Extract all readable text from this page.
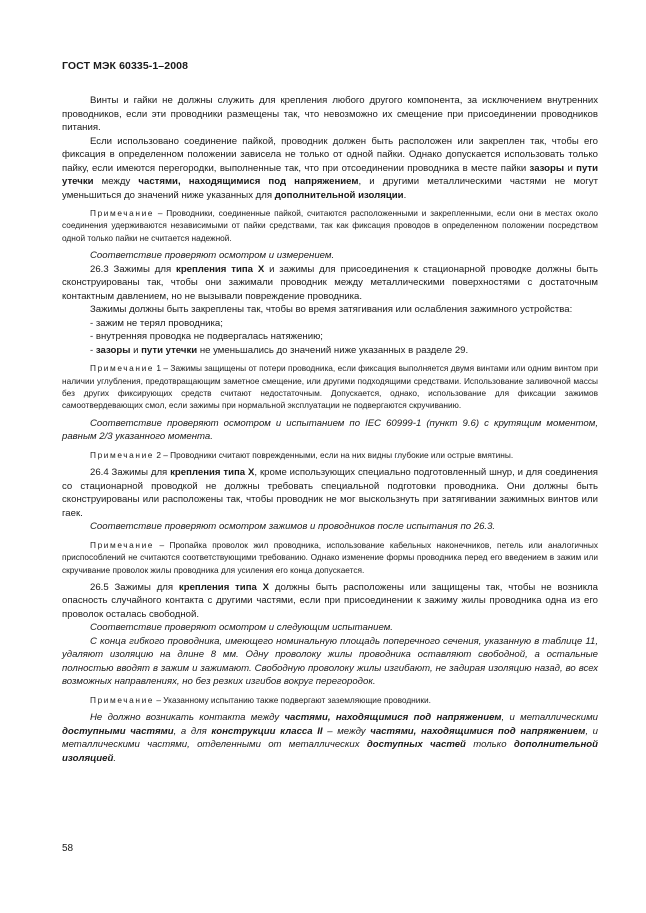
ГОСТ МЭК 60335-1–2008

Винты и гайки не должны служить для крепления любого другого компонента, за исключением внутренних проводников, если эти проводники размещены так, что невозможно их смещение при присоединении проводников питания.

Если использовано соединение пайкой, проводник должен быть расположен или закреплен так, чтобы его фиксация в определенном положении зависела не только от одной пайки. Однако допускается использовать только пайку, если имеются перегородки, выполненные так, что при отсоединении проводника в месте пайки зазоры и пути утечки между частями, находящимися под напряжением, и другими металлическими частями не могут уменьшиться до значений ниже указанных для дополнительной изоляции.

Примечание – Проводники, соединенные пайкой, считаются расположенными и закрепленными, если они в местах около соединения удерживаются независимыми от пайки средствами, так как фиксация проводов в определенном положении посредством одной только пайки не считается надежной.

Соответствие проверяют осмотром и измерением.

26.3 Зажимы для крепления типа X и зажимы для присоединения к стационарной проводке должны быть сконструированы так, чтобы они зажимали проводник между металлическими поверхностями с достаточным контактным давлением, но не вызывали повреждение проводника.

Зажимы должны быть закреплены так, чтобы во время затягивания или ослабления зажимного устройства:

- зажим не терял проводника;

- внутренняя проводка не подвергалась натяжению;

- зазоры и пути утечки не уменьшались до значений ниже указанных в разделе 29.

Примечание 1 – Зажимы защищены от потери проводника, если фиксация выполняется двумя винтами или одним винтом при наличии углубления, предотвращающим заметное смещение, или другими подходящими средствами. Использование заливочной массы без других фиксирующих средств считают недостаточным. Допускается, однако, использование для фиксации зажимов самоотвердевающих смол, если зажимы при нормальной эксплуатации не подвергаются скручиванию.

Соответствие проверяют осмотром и испытанием по IEC 60999-1 (пункт 9.6) с крутящим моментом, равным 2/3 указанного момента.

Примечание 2 – Проводники считают поврежденными, если на них видны глубокие или острые вмятины.

26.4 Зажимы для крепления типа X, кроме использующих специально подготовленный шнур, и для соединения со стационарной проводкой не должны требовать специальной подготовки проводника. Они должны быть сконструированы или расположены так, чтобы проводник не мог выскользнуть при затягивании зажимных винтов или гаек.

Соответствие проверяют осмотром зажимов и проводников после испытания по 26.3.

Примечание – Пропайка проволок жил проводника, использование кабельных наконечников, петель или аналогичных приспособлений не считаются соответствующими требованию. Однако изменение формы проводника перед его введением в зажим или скручивание проволок жилы проводника для усиления его конца допускается.

26.5 Зажимы для крепления типа X должны быть расположены или защищены так, чтобы не возникла опасность случайного контакта с другими частями, если при присоединении к зажиму жилы проводника одна из его проволок осталась свободной.

Соответствие проверяют осмотром и следующим испытанием.

С конца гибкого проводника, имеющего номинальную площадь поперечного сечения, указанную в таблице 11, удаляют изоляцию на длине 8 мм. Одну проволоку жилы проводника оставляют свободной, а остальные полностью вводят в зажим и зажимают. Свободную проволоку жилы изгибают, не задирая изоляцию назад, во всех возможных направлениях, но без резких изгибов вокруг перегородок.

Примечание – Указанному испытанию также подвергают заземляющие проводники.

Не должно возникать контакта между частями, находящимися под напряжением, и металлическими доступными частями, а для конструкции класса II – между частями, находящимися под напряжением, и металлическими частями, отделенными от металлических доступных частей только дополнительной изоляцией.

58
